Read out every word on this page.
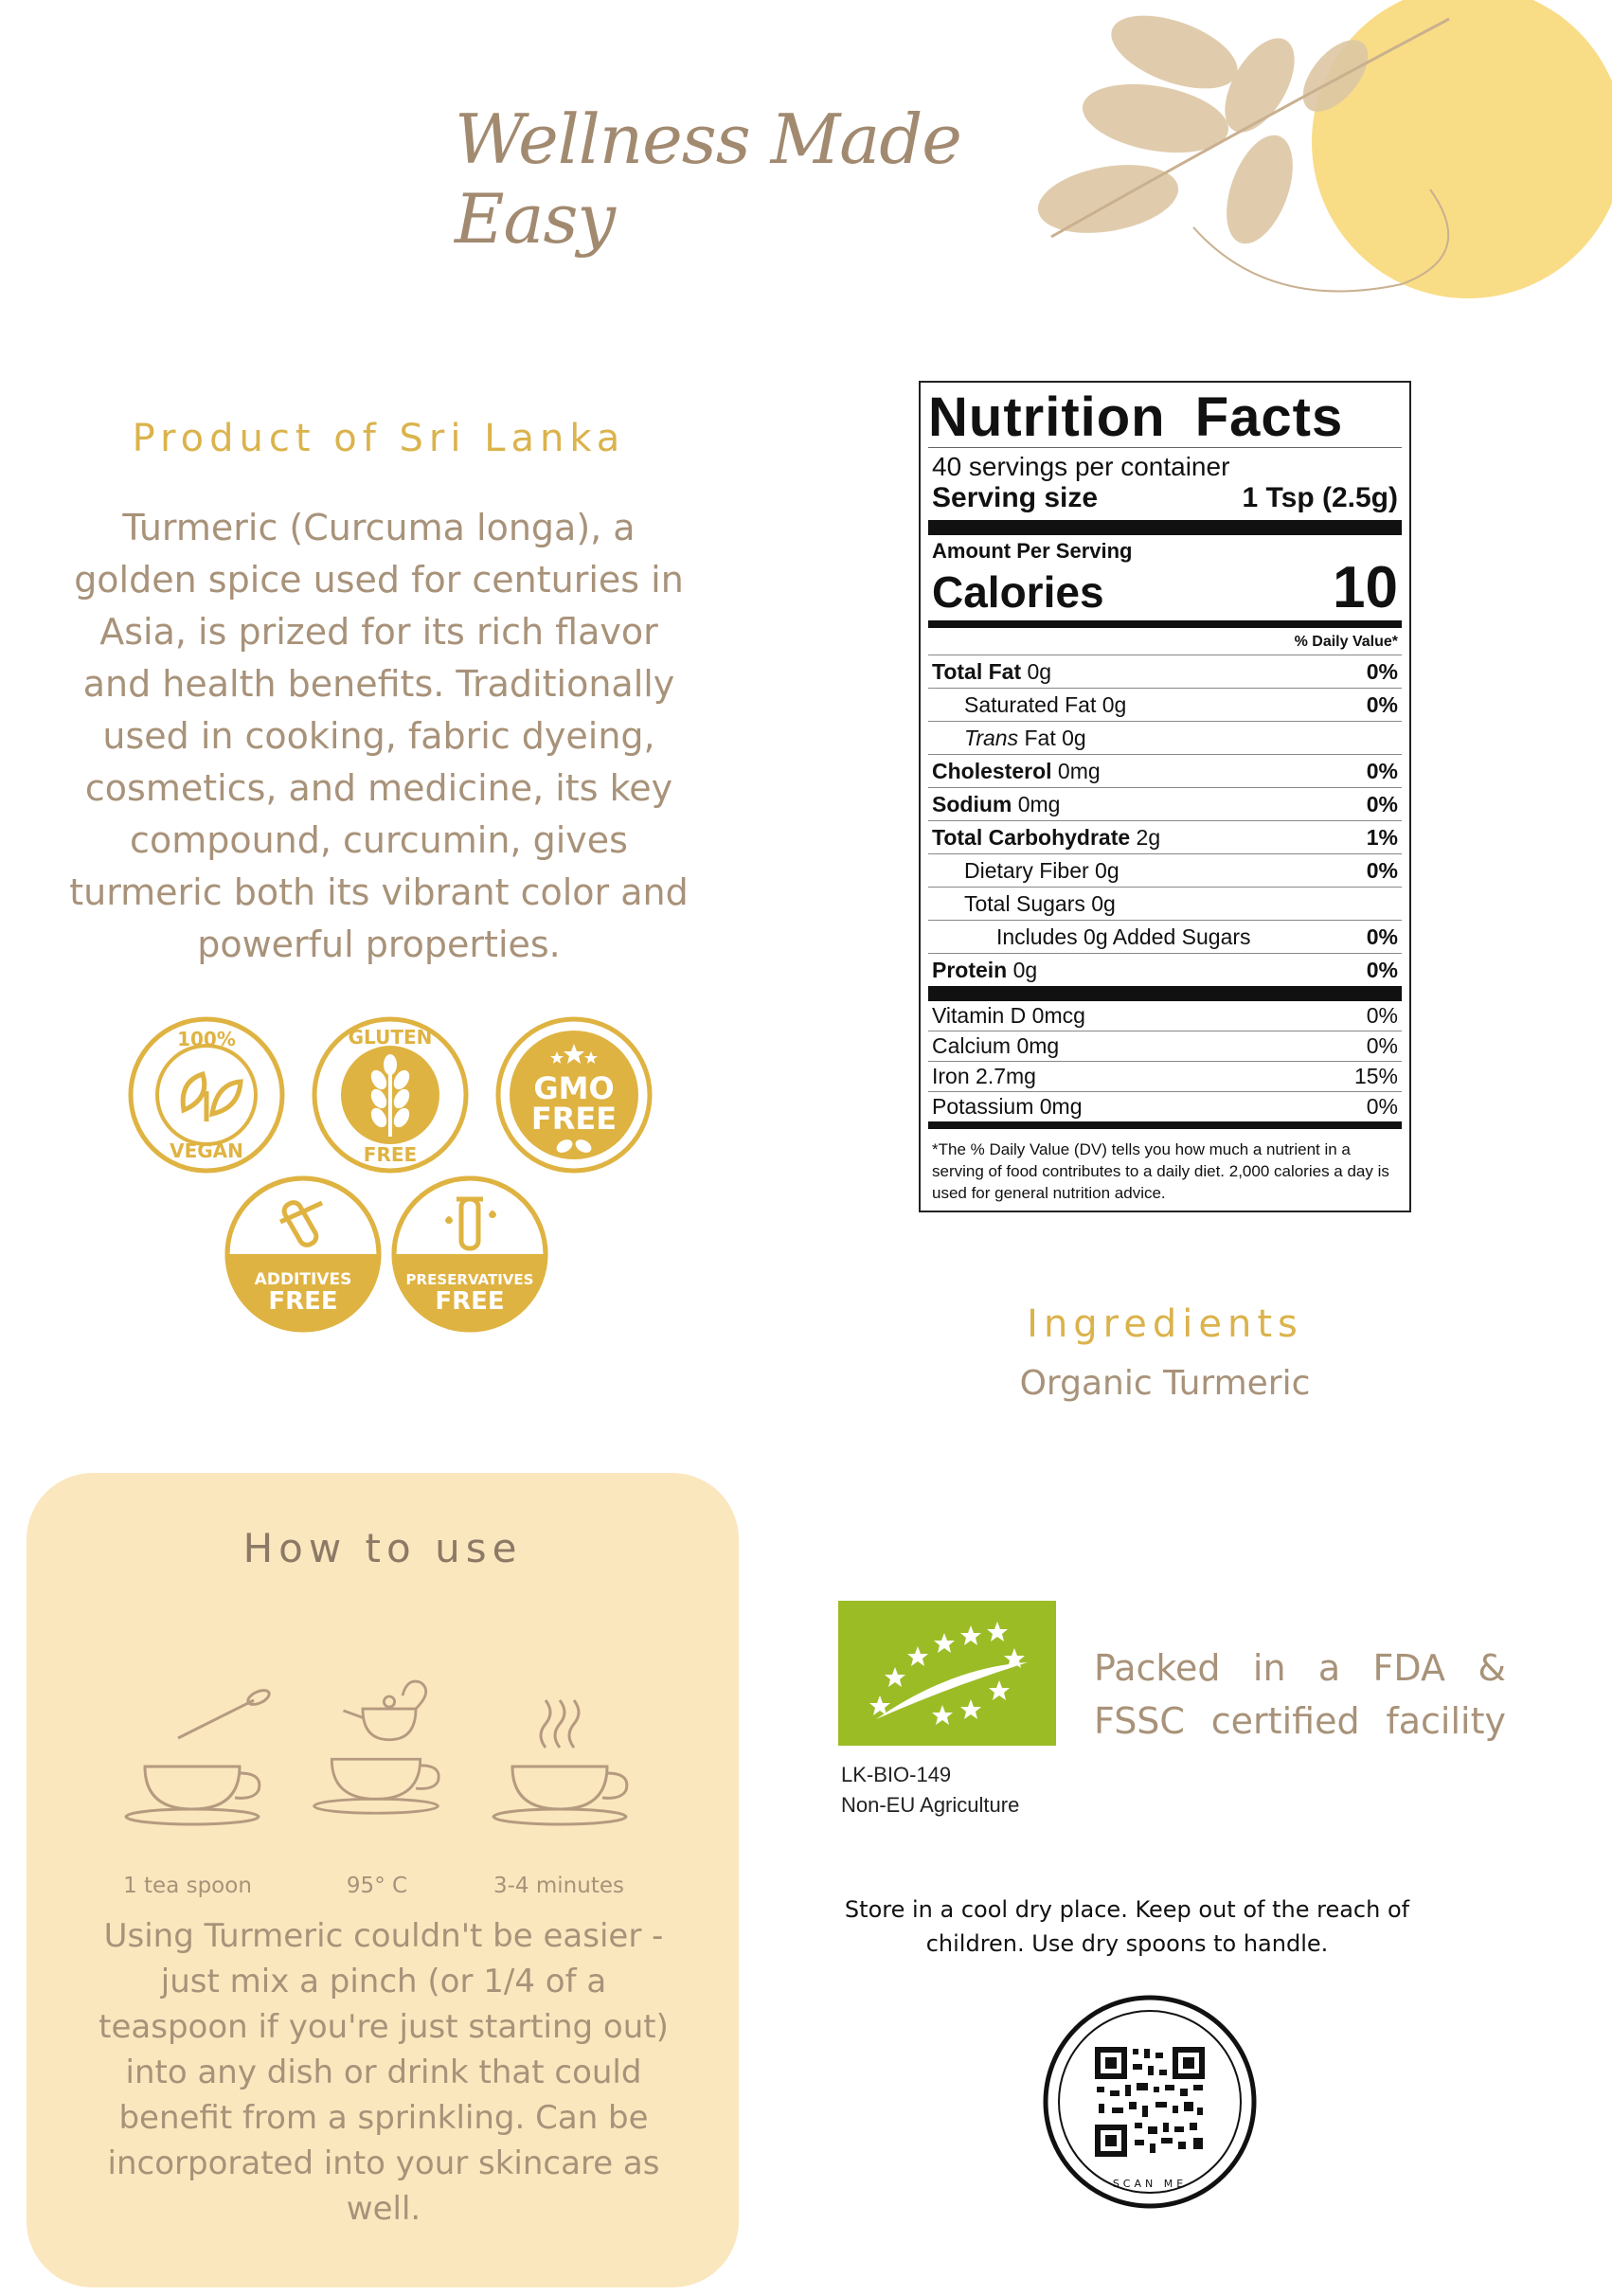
Wellness Made Easy
Product of Sri Lanka
Turmeric (Curcuma longa), a golden spice used for centuries in Asia, is prized for its rich flavor and health benefits. Traditionally used in cooking, fabric dyeing, cosmetics, and medicine, its key compound, curcumin, gives turmeric both its vibrant color and powerful properties.
100%
VEGAN
GLUTEN
FREE
GMO
FREE
ADDITIVES
FREE
PRESERVATIVES
FREE
Nutrition Facts
40 servings per container
Serving size	1 Tsp (2.5g)
Amount Per Serving
Calories	10
% Daily Value*
Total Fat 0g	0%
Saturated Fat 0g	0%
Trans Fat 0g
Cholesterol 0mg	0%
Sodium 0mg	0%
Total Carbohydrate 2g	1%
Dietary Fiber 0g	0%
Total Sugars 0g
Includes 0g Added Sugars	0%
Protein 0g	0%
Vitamin D 0mcg	0%
Calcium 0mg	0%
Iron 2.7mg	15%
Potassium 0mg	0%
*The % Daily Value (DV) tells you how much a nutrient in a serving of food contributes to a daily diet. 2,000 calories a day is used for general nutrition advice.
Ingredients
Organic Turmeric
How to use
1 tea spoon	95° C	3-4 minutes
Using Turmeric couldn't be easier - just mix a pinch (or 1/4 of a teaspoon if you're just starting out) into any dish or drink that could benefit from a sprinkling. Can be incorporated into your skincare as well.
Packed in a FDA & FSSC certified facility
LK-BIO-149
Non-EU Agriculture
Store in a cool dry place. Keep out of the reach of children. Use dry spoons to handle.
SCAN ME
